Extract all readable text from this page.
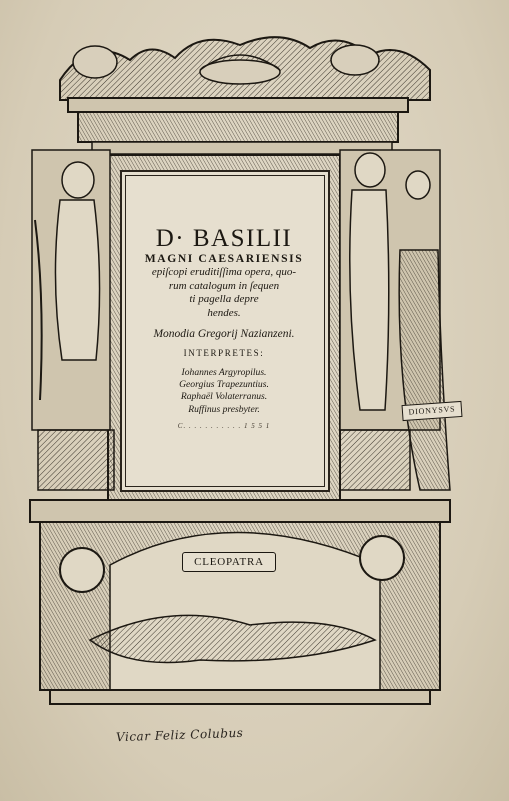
D· BASILII

MAGNI CAESARIENSIS

epiſcopi eruditiſſima opera, quo-

rum catalogum in ſequen

ti pagella depre

hendes.

Monodia Gregorij Nazianzeni.

INTERPRETES:

Iohannes Argyropilus.

Georgius Trapezuntius.

Raphaël Volaterranus.

Ruffinus presbyter.

C. . . . . . . . . . . 1 5 5 1

CLEOPATRA
DIONYSVS
Vicar Feliz Colubus
